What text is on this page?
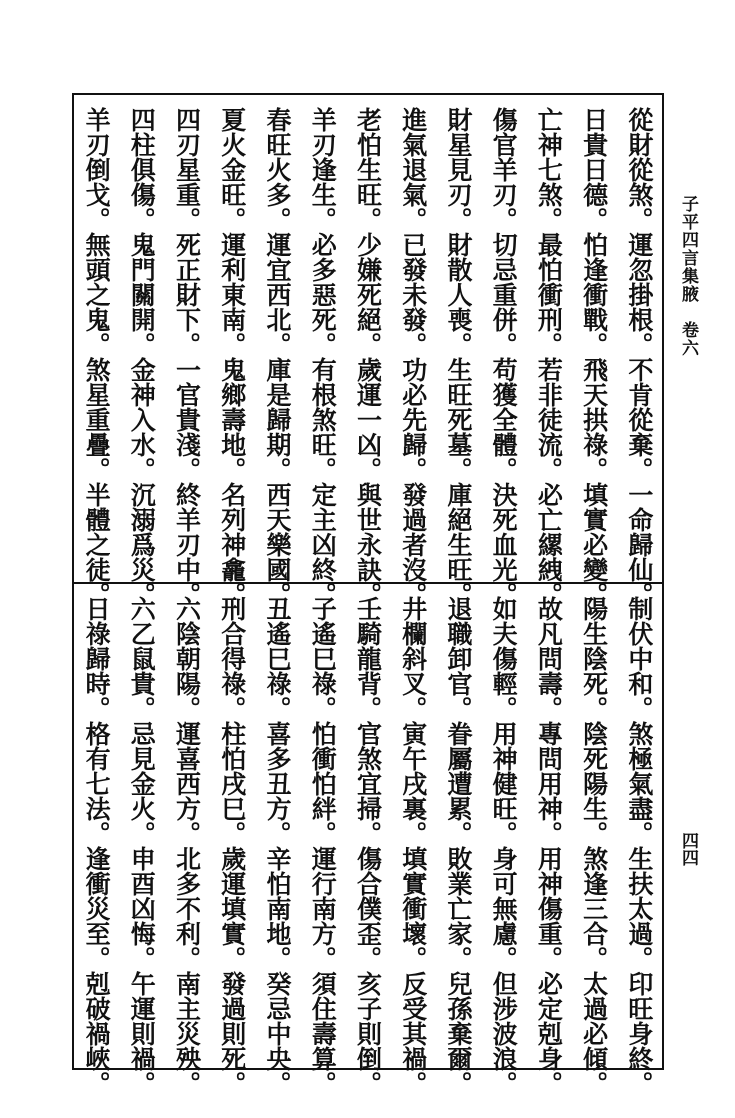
從財從煞。
運忽掛根。
不肯從棄。
一命歸仙。
日貴日德。
怕逢衝戰。
飛天拱祿。
填實必變。
亡神七煞。
最怕衝刑。
若非徒流。
必亡縲絏。
傷官羊刃。
切忌重併。
苟獲全體。
決死血光。
財星見刃。
財散人喪。
生旺死墓。
庫絕生旺。
進氣退氣。
已發未發。
功必先歸。
發過者沒。
老怕生旺。
少嫌死絕。
歲運一凶。
與世永訣。
羊刃逢生。
必多惡死。
有根煞旺。
定主凶終。
春旺火多。
運宜西北。
庫是歸期。
西天樂國。
夏火金旺。
運利東南。
鬼鄉壽地。
名列神龕。
四刃星重。
死正財下。
一官貴淺。
終羊刃中。
四柱俱傷。
鬼門關開。
金神入水。
沉溺爲災。
羊刃倒戈。
無頭之鬼。
煞星重疊。
半體之徒。
制伏中和。
煞極氣盡。
生扶太過。
印旺身終。
陽生陰死。
陰死陽生。
煞逢三合。
太過必傾。
故凡問壽。
專問用神。
用神傷重。
必定剋身。
如夫傷輕。
用神健旺。
身可無慮。
但涉波浪。
退職卸官。
眷屬遭累。
敗業亡家。
兒孫棄爾。
井欄斜叉。
寅午戌裏。
填實衝壞。
反受其禍。
壬騎龍背。
官煞宜掃。
傷合僕歪。
亥子則倒。
子遙巳祿。
怕衝怕絆。
運行南方。
須住壽算。
丑遙巳祿。
喜多丑方。
辛怕南地。
癸忌中央。
刑合得祿。
柱怕戌巳。
歲運填實。
發過則死。
六陰朝陽。
運喜西方。
北多不利。
南主災殃。
六乙鼠貴。
忌見金火。
申酉凶悔。
午運則禍。
日祿歸時。
格有七法。
逢衝災至。
剋破禍峽。
子平四言集腋　卷六
四四
